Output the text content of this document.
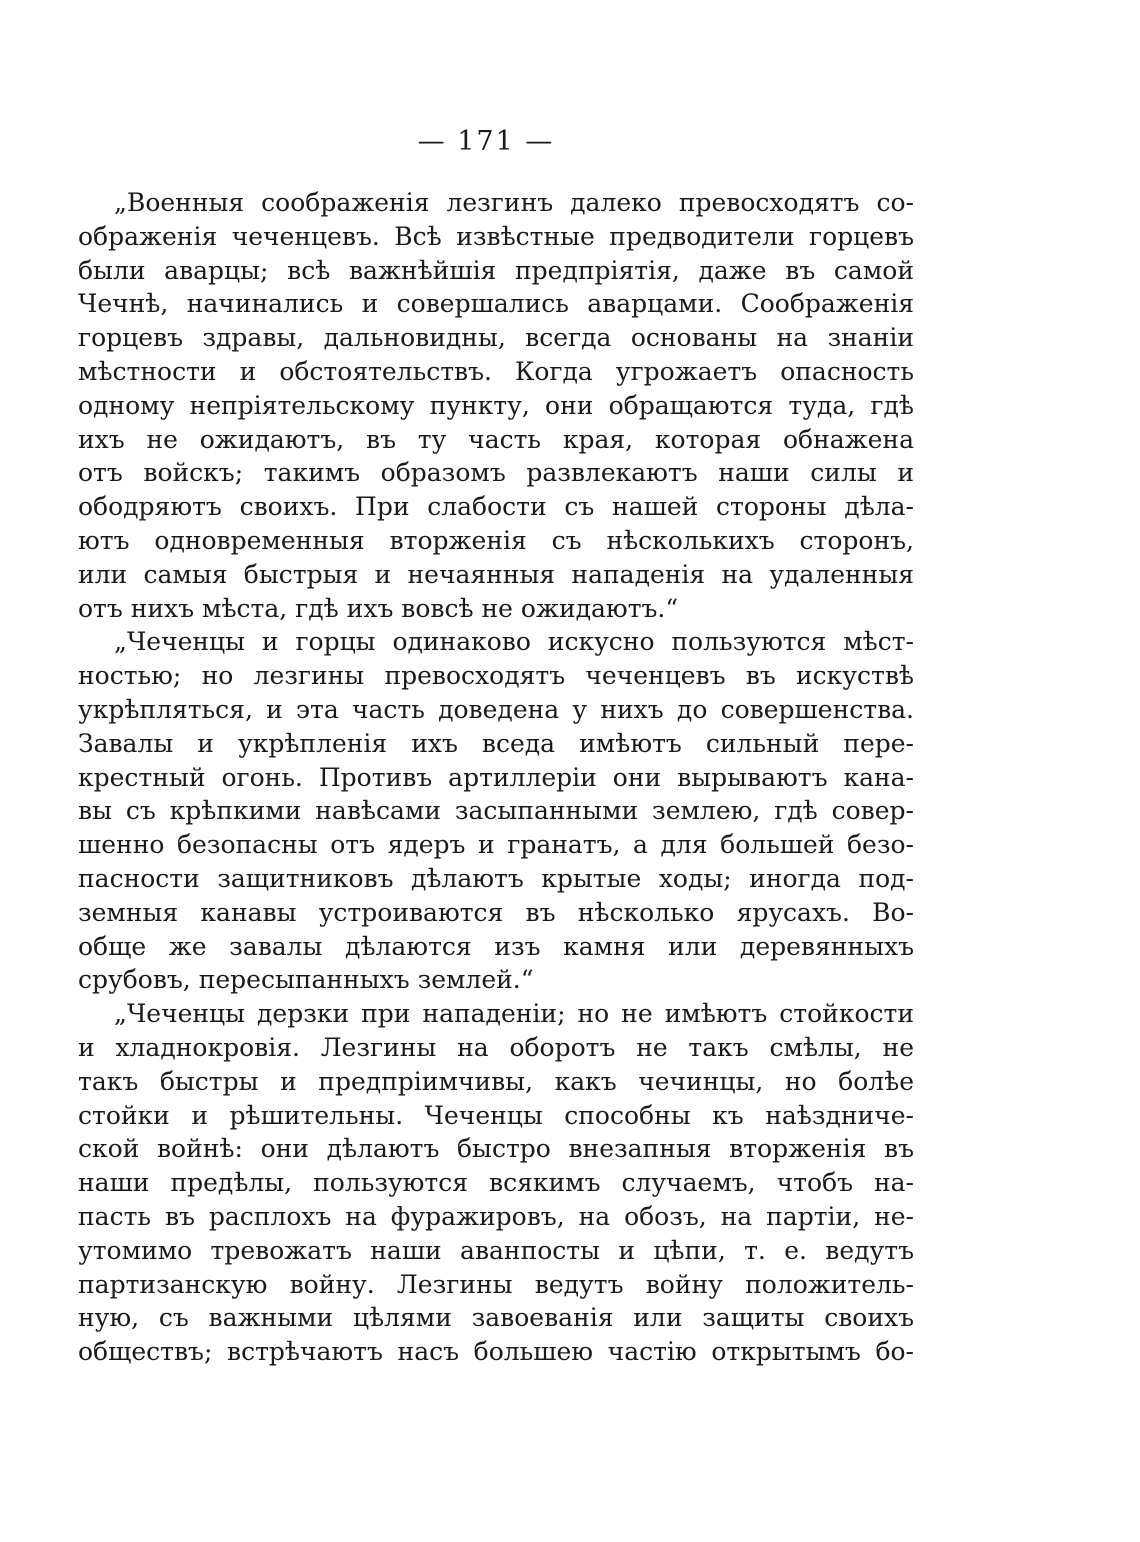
— 171 —
„Военныя соображенія лезгинъ далеко превосходятъ со-
ображенія чеченцевъ. Всѣ извѣстные предводители горцевъ
были аварцы; всѣ важнѣйшія предпріятія, даже въ самой
Чечнѣ, начинались и совершались аварцами. Соображенія
горцевъ здравы, дальновидны, всегда основаны на знаніи
мѣстности и обстоятельствъ. Когда угрожаетъ опасность
одному непріятельскому пункту, они обращаются туда, гдѣ
ихъ не ожидаютъ, въ ту часть края, которая обнажена
отъ войскъ; такимъ образомъ развлекаютъ наши силы и
ободряютъ своихъ. При слабости съ нашей стороны дѣла-
ютъ одновременныя вторженія съ нѣсколькихъ сторонъ,
или самыя быстрыя и нечаянныя нападенія на удаленныя
отъ нихъ мѣста, гдѣ ихъ вовсѣ не ожидаютъ.“
„Чеченцы и горцы одинаково искусно пользуются мѣст-
ностью; но лезгины превосходятъ чеченцевъ въ искуствѣ
укрѣпляться, и эта часть доведена у нихъ до совершенства.
Завалы и укрѣпленія ихъ вседа имѣютъ сильный пере-
крестный огонь. Противъ артиллеріи они вырываютъ кана-
вы съ крѣпкими навѣсами засыпанными землею, гдѣ совер-
шенно безопасны отъ ядеръ и гранатъ, а для большей безо-
пасности защитниковъ дѣлаютъ крытые ходы; иногда под-
земныя канавы устроиваются въ нѣсколько ярусахъ. Во-
обще же завалы дѣлаются изъ камня или деревянныхъ
срубовъ, пересыпанныхъ землей.“
„Чеченцы дерзки при нападеніи; но не имѣютъ стойкости
и хладнокровія. Лезгины на оборотъ не такъ смѣлы, не
такъ быстры и предпріимчивы, какъ чечинцы, но болѣе
стойки и рѣшительны. Чеченцы способны къ наѣздниче-
ской войнѣ: они дѣлаютъ быстро внезапныя вторженія въ
наши предѣлы, пользуются всякимъ случаемъ, чтобъ на-
пасть въ расплохъ на фуражировъ, на обозъ, на партіи, не-
утомимо тревожатъ наши аванпосты и цѣпи, т. е. ведутъ
партизанскую войну. Лезгины ведутъ войну положитель-
ную, съ важными цѣлями завоеванія или защиты своихъ
обществъ; встрѣчаютъ насъ большею частію открытымъ бо-
